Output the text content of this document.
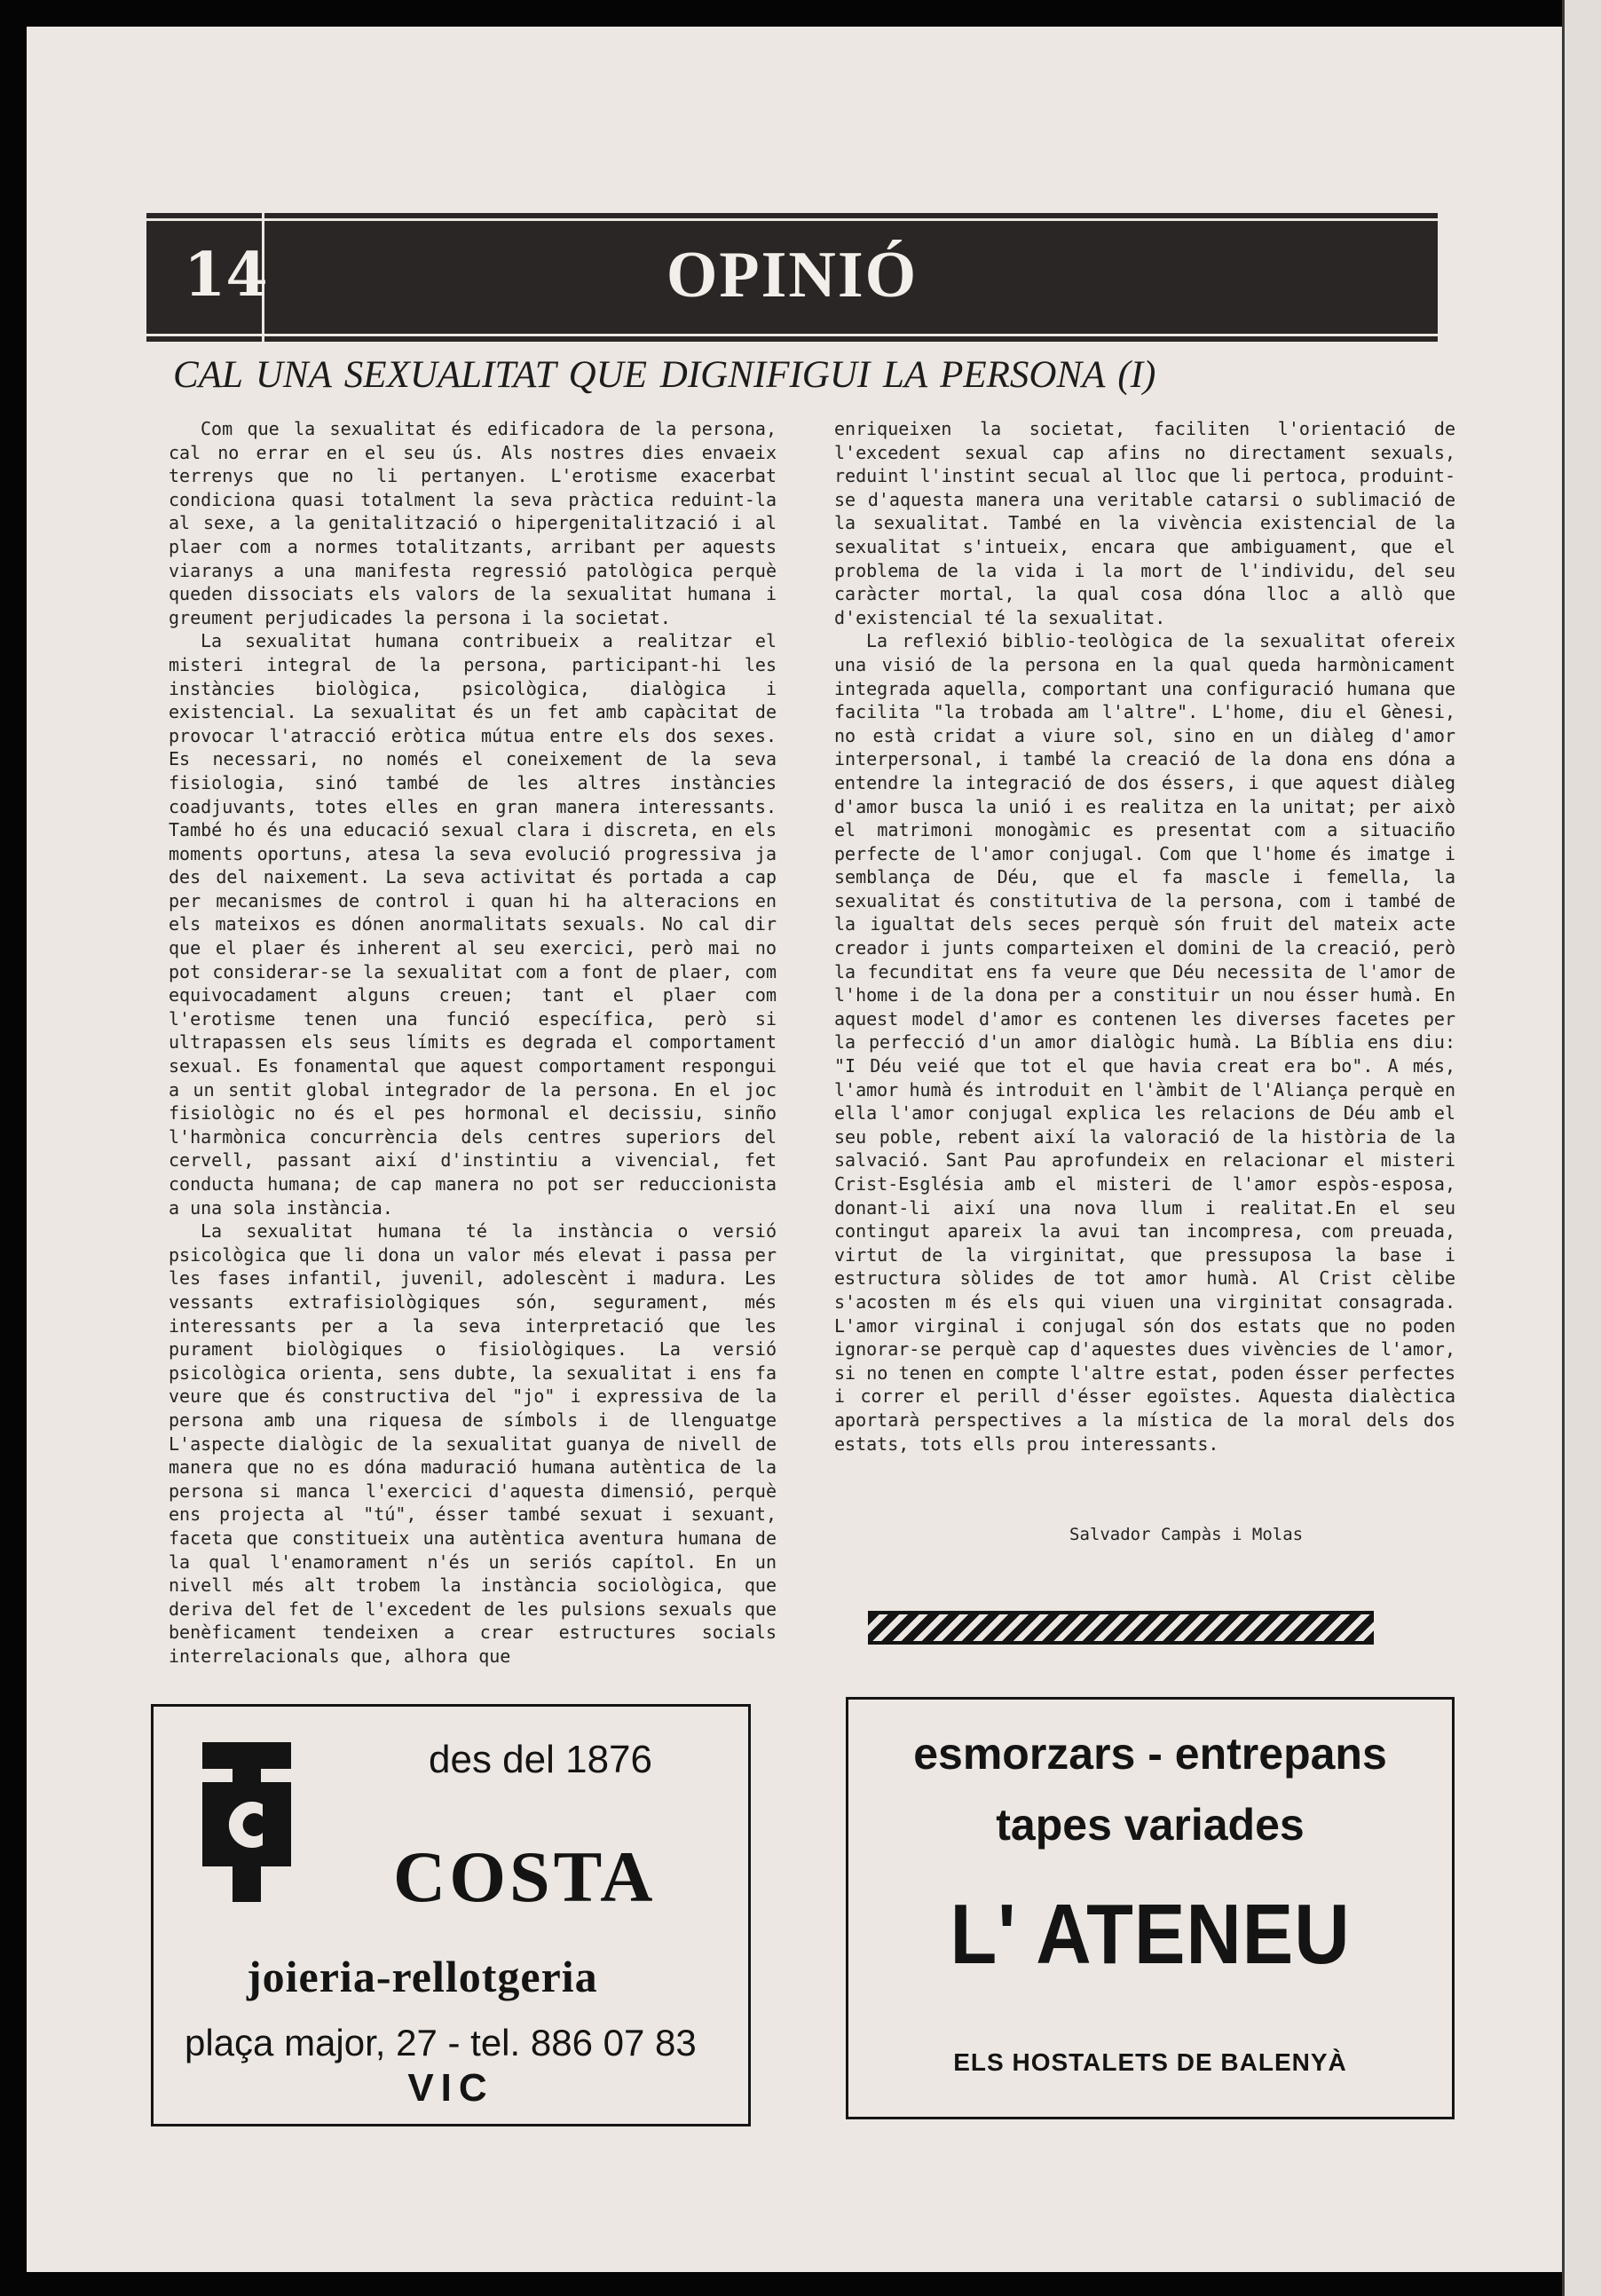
14	OPINIÓ
CAL UNA SEXUALITAT QUE DIGNIFIGUI LA PERSONA (I)

Com que la sexualitat és edificadora de la persona, cal no errar en el seu ús. Als nostres dies envaeix terrenys que no li pertanyen. L'erotisme exacerbat condiciona quasi totalment la seva pràctica reduint-la al sexe, a la genitalització o hipergenitalització i al plaer com a normes totalitzants, arribant per aquests viaranys a una manifesta regressió patològica perquè queden dissociats els valors de la sexualitat humana i greument perjudicades la persona i la societat.

La sexualitat humana contribueix a realitzar el misteri integral de la persona, participant-hi les instàncies biològica, psicològica, dialògica i existencial. La sexualitat és un fet amb capàcitat de provocar l'atracció eròtica mútua entre els dos sexes. Es necessari, no només el coneixement de la seva fisiologia, sinó també de les altres instàncies coadjuvants, totes elles en gran manera interessants. També ho és una educació sexual clara i discreta, en els moments oportuns, atesa la seva evolució progressiva ja des del naixement. La seva activitat és portada a cap per mecanismes de control i quan hi ha alteracions en els mateixos es dónen anormalitats sexuals. No cal dir que el plaer és inherent al seu exercici, però mai no pot considerar-se la sexualitat com a font de plaer, com equivocadament alguns creuen; tant el plaer com l'erotisme tenen una funció específica, però si ultrapassen els seus límits es degrada el comportament sexual. Es fonamental que aquest comportament respongui a un sentit global integrador de la persona. En el joc fisiològic no és el pes hormonal el decissiu, sinño l'harmònica concurrència dels centres superiors del cervell, passant així d'instintiu a vivencial, fet conducta humana; de cap manera no pot ser reduccionista a una sola instància.

La sexualitat humana té la instància o versió psicològica que li dona un valor més elevat i passa per les fases infantil, juvenil, adolescènt i madura. Les vessants extrafisiològiques són, segurament, més interessants per a la seva interpretació que les purament biològiques o fisiològiques. La versió psicològica orienta, sens dubte, la sexualitat i ens fa veure que és constructiva del "jo" i expressiva de la persona amb una riquesa de símbols i de llenguatge L'aspecte dialògic de la sexualitat guanya de nivell de manera que no es dóna maduració humana autèntica de la persona si manca l'exercici d'aquesta dimensió, perquè ens projecta al "tú", ésser també sexuat i sexuant, faceta que constitueix una autèntica aventura humana de la qual l'enamorament n'és un seriós capítol. En un nivell més alt trobem la instància sociològica, que deriva del fet de l'excedent de les pulsions sexuals que benèficament tendeixen a crear estructures socials interrelacionals que, alhora que

enriqueixen la societat, faciliten l'orientació de l'excedent sexual cap afins no directament sexuals, reduint l'instint secual al lloc que li pertoca, produint-se d'aquesta manera una veritable catarsi o sublimació de la sexualitat. També en la vivència existencial de la sexualitat s'intueix, encara que ambiguament, que el problema de la vida i la mort de l'individu, del seu caràcter mortal, la qual cosa dóna lloc a allò que d'existencial té la sexualitat.

La reflexió biblio-teològica de la sexualitat ofereix una visió de la persona en la qual queda harmònicament integrada aquella, comportant una configuració humana que facilita "la trobada am l'altre". L'home, diu el Gènesi, no està cridat a viure sol, sino en un diàleg d'amor interpersonal, i també la creació de la dona ens dóna a entendre la integració de dos éssers, i que aquest diàleg d'amor busca la unió i es realitza en la unitat; per això el matrimoni monogàmic es presentat com a situaciño perfecte de l'amor conjugal. Com que l'home és imatge i semblança de Déu, que el fa mascle i femella, la sexualitat és constitutiva de la persona, com i també de la igualtat dels seces perquè són fruit del mateix acte creador i junts comparteixen el domini de la creació, però la fecunditat ens fa veure que Déu necessita de l'amor de l'home i de la dona per a constituir un nou ésser humà. En aquest model d'amor es contenen les diverses facetes per la perfecció d'un amor dialògic humà. La Bíblia ens diu: "I Déu veié que tot el que havia creat era bo". A més, l'amor humà és introduit en l'àmbit de l'Aliança perquè en ella l'amor conjugal explica les relacions de Déu amb el seu poble, rebent així la valoració de la història de la salvació. Sant Pau aprofundeix en relacionar el misteri Crist-Església amb el misteri de l'amor espòs-esposa, donant-li així una nova llum i realitat.En el seu contingut apareix la avui tan incompresa, com preuada, virtut de la virginitat, que pressuposa la base i estructura sòlides de tot amor humà. Al Crist cèlibe s'acosten m és els qui viuen una virginitat consagrada. L'amor virginal i conjugal són dos estats que no poden ignorar-se perquè cap d'aquestes dues vivències de l'amor, si no tenen en compte l'altre estat, poden ésser perfectes i correr el perill d'ésser egoïstes. Aquesta dialèctica aportarà perspectives a la mística de la moral dels dos estats, tots ells prou interessants.

Salvador Campàs i Molas
des del 1876
COSTA
joieria-rellotgeria
plaça major, 27 - tel. 886 07 83
VIC
esmorzars - entrepans
tapes variades
L' ATENEU
ELS HOSTALETS DE BALENYÀ
